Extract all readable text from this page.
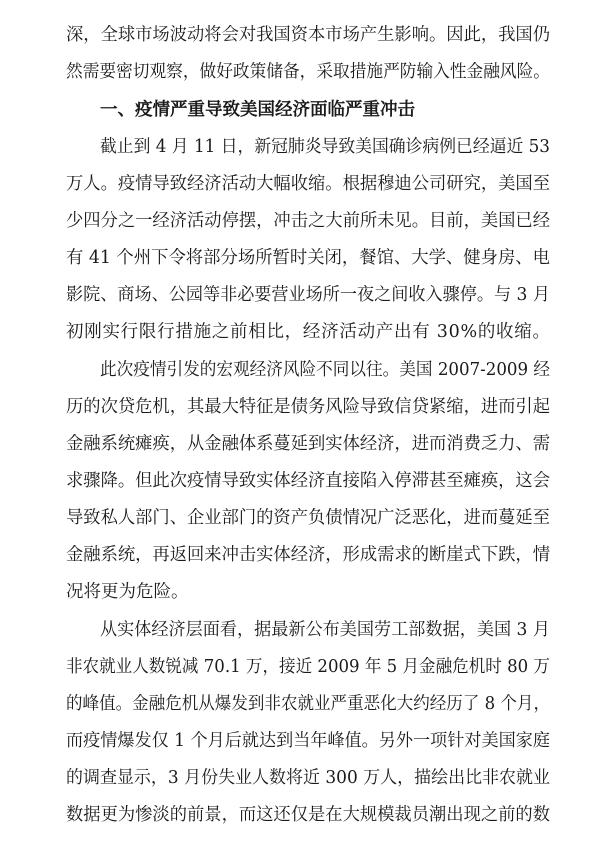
深，全球市场波动将会对我国资本市场产生影响。因此，我国仍
然需要密切观察，做好政策储备，采取措施严防输入性金融风险。
一、疫情严重导致美国经济面临严重冲击
截止到 4 月 11 日，新冠肺炎导致美国确诊病例已经逼近 53
万人。疫情导致经济活动大幅收缩。根据穆迪公司研究，美国至
少四分之一经济活动停摆，冲击之大前所未见。目前，美国已经
有 41 个州下令将部分场所暂时关闭，餐馆、大学、健身房、电
影院、商场、公园等非必要营业场所一夜之间收入骤停。与 3 月
初刚实行限行措施之前相比，经济活动产出有 30%的收缩。
此次疫情引发的宏观经济风险不同以往。美国 2007-2009 经
历的次贷危机，其最大特征是债务风险导致信贷紧缩，进而引起
金融系统瘫痪，从金融体系蔓延到实体经济，进而消费乏力、需
求骤降。但此次疫情导致实体经济直接陷入停滞甚至瘫痪，这会
导致私人部门、企业部门的资产负债情况广泛恶化，进而蔓延至
金融系统，再返回来冲击实体经济，形成需求的断崖式下跌，情
况将更为危险。
从实体经济层面看，据最新公布美国劳工部数据，美国 3 月
非农就业人数锐减 70.1 万，接近 2009 年 5 月金融危机时 80 万
的峰值。金融危机从爆发到非农就业严重恶化大约经历了 8 个月，
而疫情爆发仅 1 个月后就达到当年峰值。另外一项针对美国家庭
的调查显示，3 月份失业人数将近 300 万人，描绘出比非农就业
数据更为惨淡的前景，而这还仅是在大规模裁员潮出现之前的数
